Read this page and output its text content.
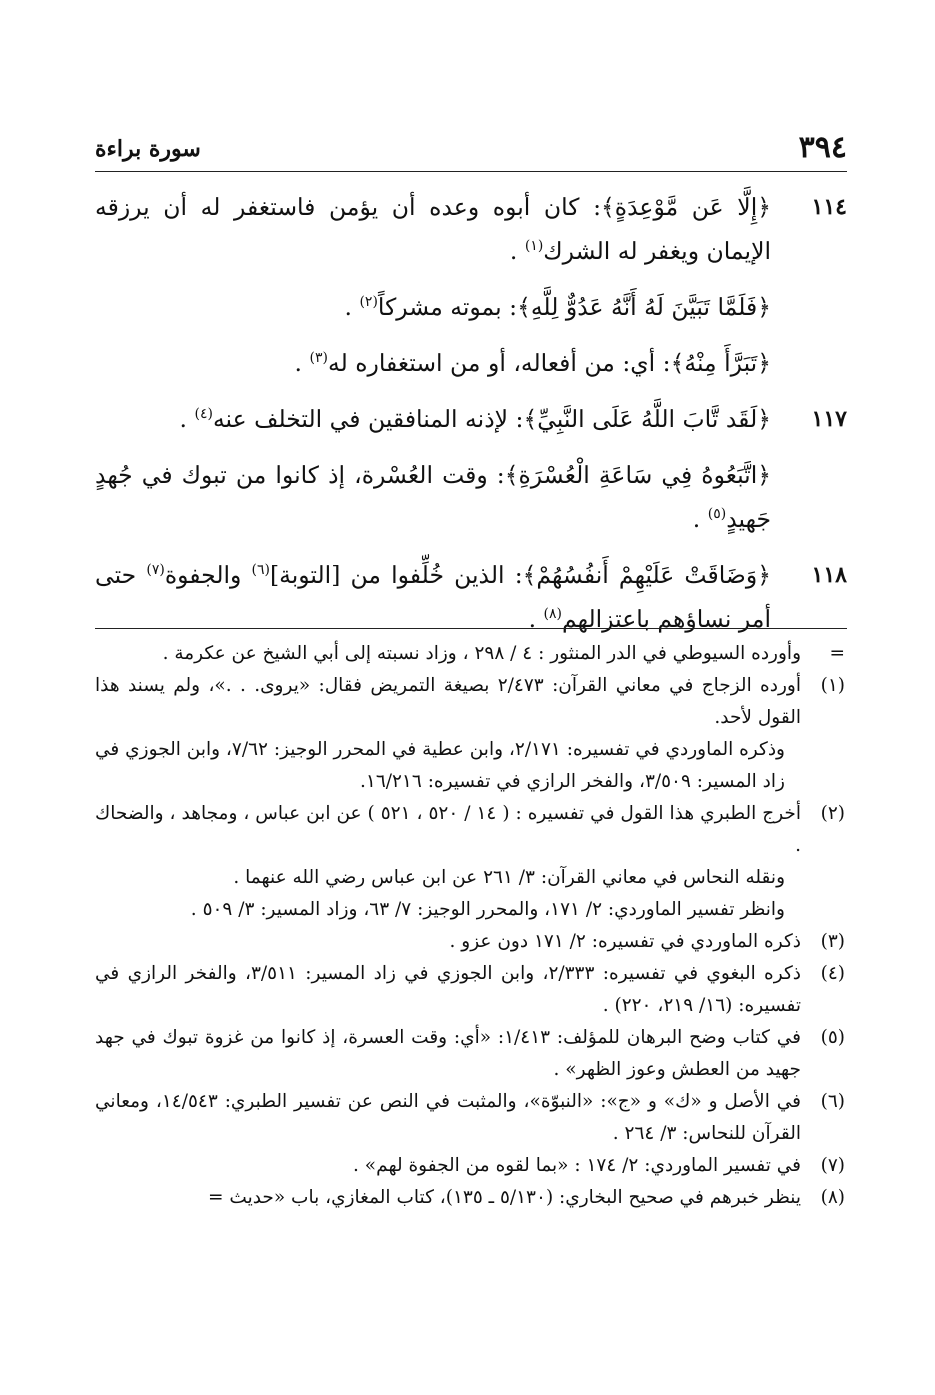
٣٩٤
سورة براءة
١١٤
﴿إِلَّا عَن مَّوْعِدَةٍ﴾: كان أبوه وعده أن يؤمن فاستغفر له أن يرزقه الإيمان ويغفر له الشرك$^{(١)}$ .
﴿فَلَمَّا تَبَيَّنَ لَهُ أَنَّهُ عَدُوٌّ لِلَّهِ﴾: بموته مشركاً$^{(٢)}$ .
﴿تَبَرَّأَ مِنْهُ﴾: أي: من أفعاله، أو من استغفاره له$^{(٣)}$ .
١١٧
﴿لَقَد تَّابَ اللَّهُ عَلَى النَّبِيِّ﴾: لإذنه المنافقين في التخلف عنه$^{(٤)}$ .
﴿اتَّبَعُوهُ فِي سَاعَةِ الْعُسْرَةِ﴾: وقت العُسْرة، إذ كانوا من تبوك في جُهدٍ جَهيدٍ$^{(٥)}$ .
١١٨
﴿وَضَاقَتْ عَلَيْهِمْ أَنفُسُهُمْ﴾: الذين خُلِّفوا من [التوبة]$^{(٦)}$ والجفوة$^{(٧)}$ حتى أمر نساؤهم باعتزالهم$^{(٨)}$ .
=
وأورده السيوطي في الدر المنثور : ٤ / ٢٩٨ ، وزاد نسبته إلى أبي الشيخ عن عكرمة .
(١)
أورده الزجاج في معاني القرآن: ٢/٤٧٣ بصيغة التمريض فقال: «يروى. . .»، ولم يسند هذا القول لأحد.
وذكره الماوردي في تفسيره: ٢/١٧١، وابن عطية في المحرر الوجيز: ٧/٦٢، وابن الجوزي في زاد المسير: ٣/٥٠٩، والفخر الرازي في تفسيره: ١٦/٢١٦.
(٢)
أخرج الطبري هذا القول في تفسيره : ( ١٤ / ٥٢٠ ، ٥٢١ ) عن ابن عباس ، ومجاهد ، والضحاك .
ونقله النحاس في معاني القرآن: ٣/ ٢٦١ عن ابن عباس رضي الله عنهما .
وانظر تفسير الماوردي: ٢/ ١٧١، والمحرر الوجيز: ٧/ ٦٣، وزاد المسير: ٣/ ٥٠٩ .
(٣)
ذكره الماوردي في تفسيره: ٢/ ١٧١ دون عزو .
(٤)
ذكره البغوي في تفسيره: ٢/٣٣٣، وابن الجوزي في زاد المسير: ٣/٥١١، والفخر الرازي في تفسيره: (١٦/ ٢١٩، ٢٢٠) .
(٥)
في كتاب وضح البرهان للمؤلف: ١/٤١٣: «أي: وقت العسرة، إذ كانوا من غزوة تبوك في جهد جهيد من العطش وعوز الظهر» .
(٦)
في الأصل و «ك» و «ج»: «النبوّة»، والمثبت في النص عن تفسير الطبري: ١٤/٥٤٣، ومعاني القرآن للنحاس: ٣/ ٢٦٤ .
(٧)
في تفسير الماوردي: ٢/ ١٧٤ : «بما لقوه من الجفوة لهم» .
(٨)
ينظر خبرهم في صحيح البخاري: (٥/١٣٠ ـ ١٣٥)، كتاب المغازي، باب «حديث =
